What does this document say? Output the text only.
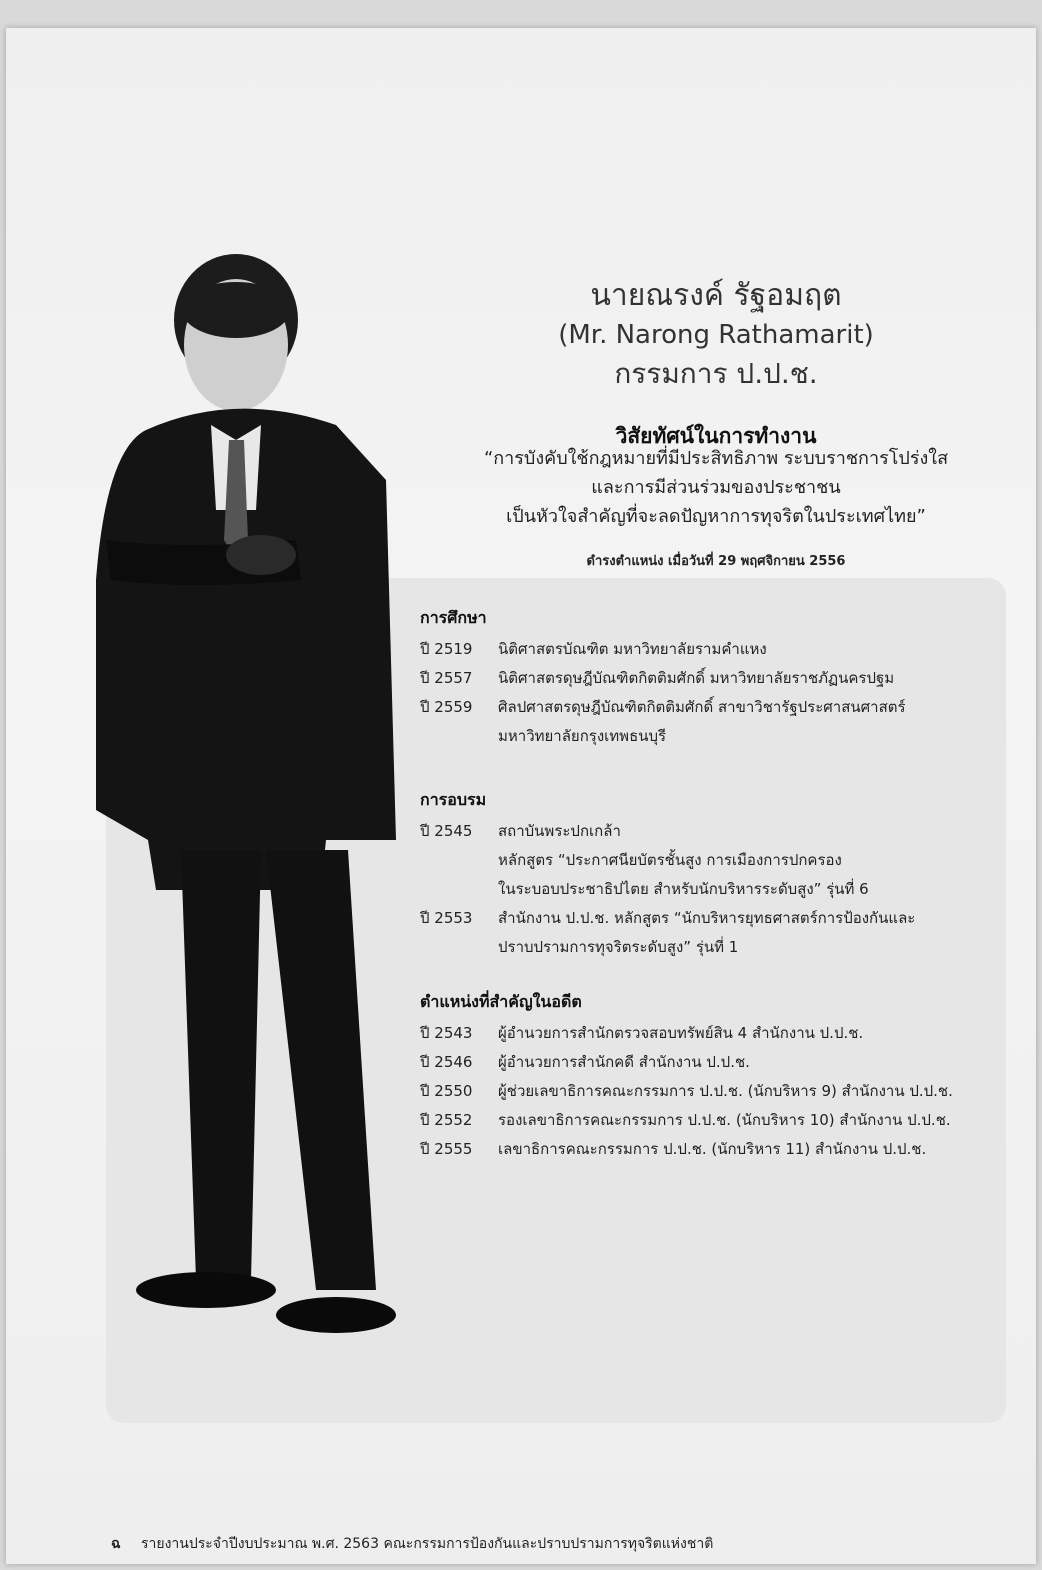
นายณรงค์ รัฐอมฤต

(Mr. Narong Rathamarit)

กรรมการ ป.ป.ช.

วิสัยทัศน์ในการทำงาน
“การบังคับใช้กฎหมายที่มีประสิทธิภาพ ระบบราชการโปร่งใส
และการมีส่วนร่วมของประชาชน
เป็นหัวใจสำคัญที่จะลดปัญหาการทุจริตในประเทศไทย”
ดำรงตำแหน่ง เมื่อวันที่ 29 พฤศจิกายน 2556
การศึกษา
ปี 2519	นิติศาสตรบัณฑิต มหาวิทยาลัยรามคำแหง
ปี 2557	นิติศาสตรดุษฎีบัณฑิตกิตติมศักดิ์ มหาวิทยาลัยราชภัฏนครปฐม
ปี 2559	ศิลปศาสตรดุษฎีบัณฑิตกิตติมศักดิ์ สาขาวิชารัฐประศาสนศาสตร์
มหาวิทยาลัยกรุงเทพธนบุรี
การอบรม
ปี 2545	สถาบันพระปกเกล้า
หลักสูตร “ประกาศนียบัตรชั้นสูง การเมืองการปกครอง
ในระบอบประชาธิปไตย สำหรับนักบริหารระดับสูง” รุ่นที่ 6
ปี 2553	สำนักงาน ป.ป.ช. หลักสูตร “นักบริหารยุทธศาสตร์การป้องกันและ
ปราบปรามการทุจริตระดับสูง” รุ่นที่ 1
ตำแหน่งที่สำคัญในอดีต
ปี 2543	ผู้อำนวยการสำนักตรวจสอบทรัพย์สิน 4 สำนักงาน ป.ป.ช.
ปี 2546	ผู้อำนวยการสำนักคดี สำนักงาน ป.ป.ช.
ปี 2550	ผู้ช่วยเลขาธิการคณะกรรมการ ป.ป.ช. (นักบริหาร 9) สำนักงาน ป.ป.ช.
ปี 2552	รองเลขาธิการคณะกรรมการ ป.ป.ช. (นักบริหาร 10) สำนักงาน ป.ป.ช.
ปี 2555	เลขาธิการคณะกรรมการ ป.ป.ช. (นักบริหาร 11) สำนักงาน ป.ป.ช.
ฉ รายงานประจำปีงบประมาณ พ.ศ. 2563 คณะกรรมการป้องกันและปราบปรามการทุจริตแห่งชาติ
